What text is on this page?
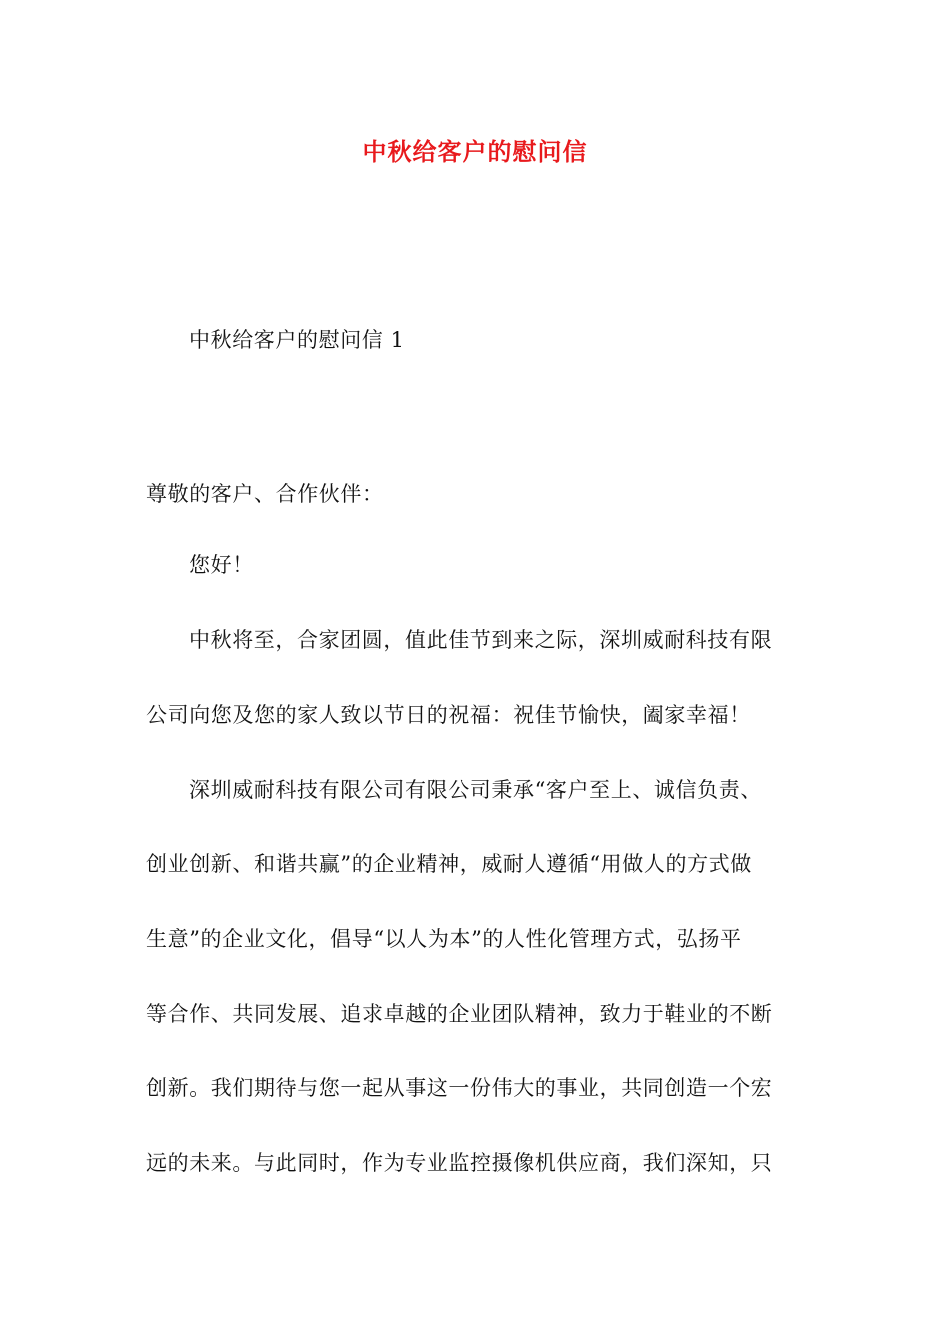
中秋给客户的慰问信
中秋给客户的慰问信 1
尊敬的客户、合作伙伴：
您好！
中秋将至，合家团圆，值此佳节到来之际，深圳威耐科技有限
公司向您及您的家人致以节日的祝福：祝佳节愉快，阖家幸福！
深圳威耐科技有限公司有限公司秉承“客户至上、诚信负责、
创业创新、和谐共赢”的企业精神，威耐人遵循“用做人的方式做
生意”的企业文化，倡导“以人为本”的人性化管理方式，弘扬平
等合作、共同发展、追求卓越的企业团队精神，致力于鞋业的不断
创新。我们期待与您一起从事这一份伟大的事业，共同创造一个宏
远的未来。与此同时，作为专业监控摄像机供应商，我们深知，只
